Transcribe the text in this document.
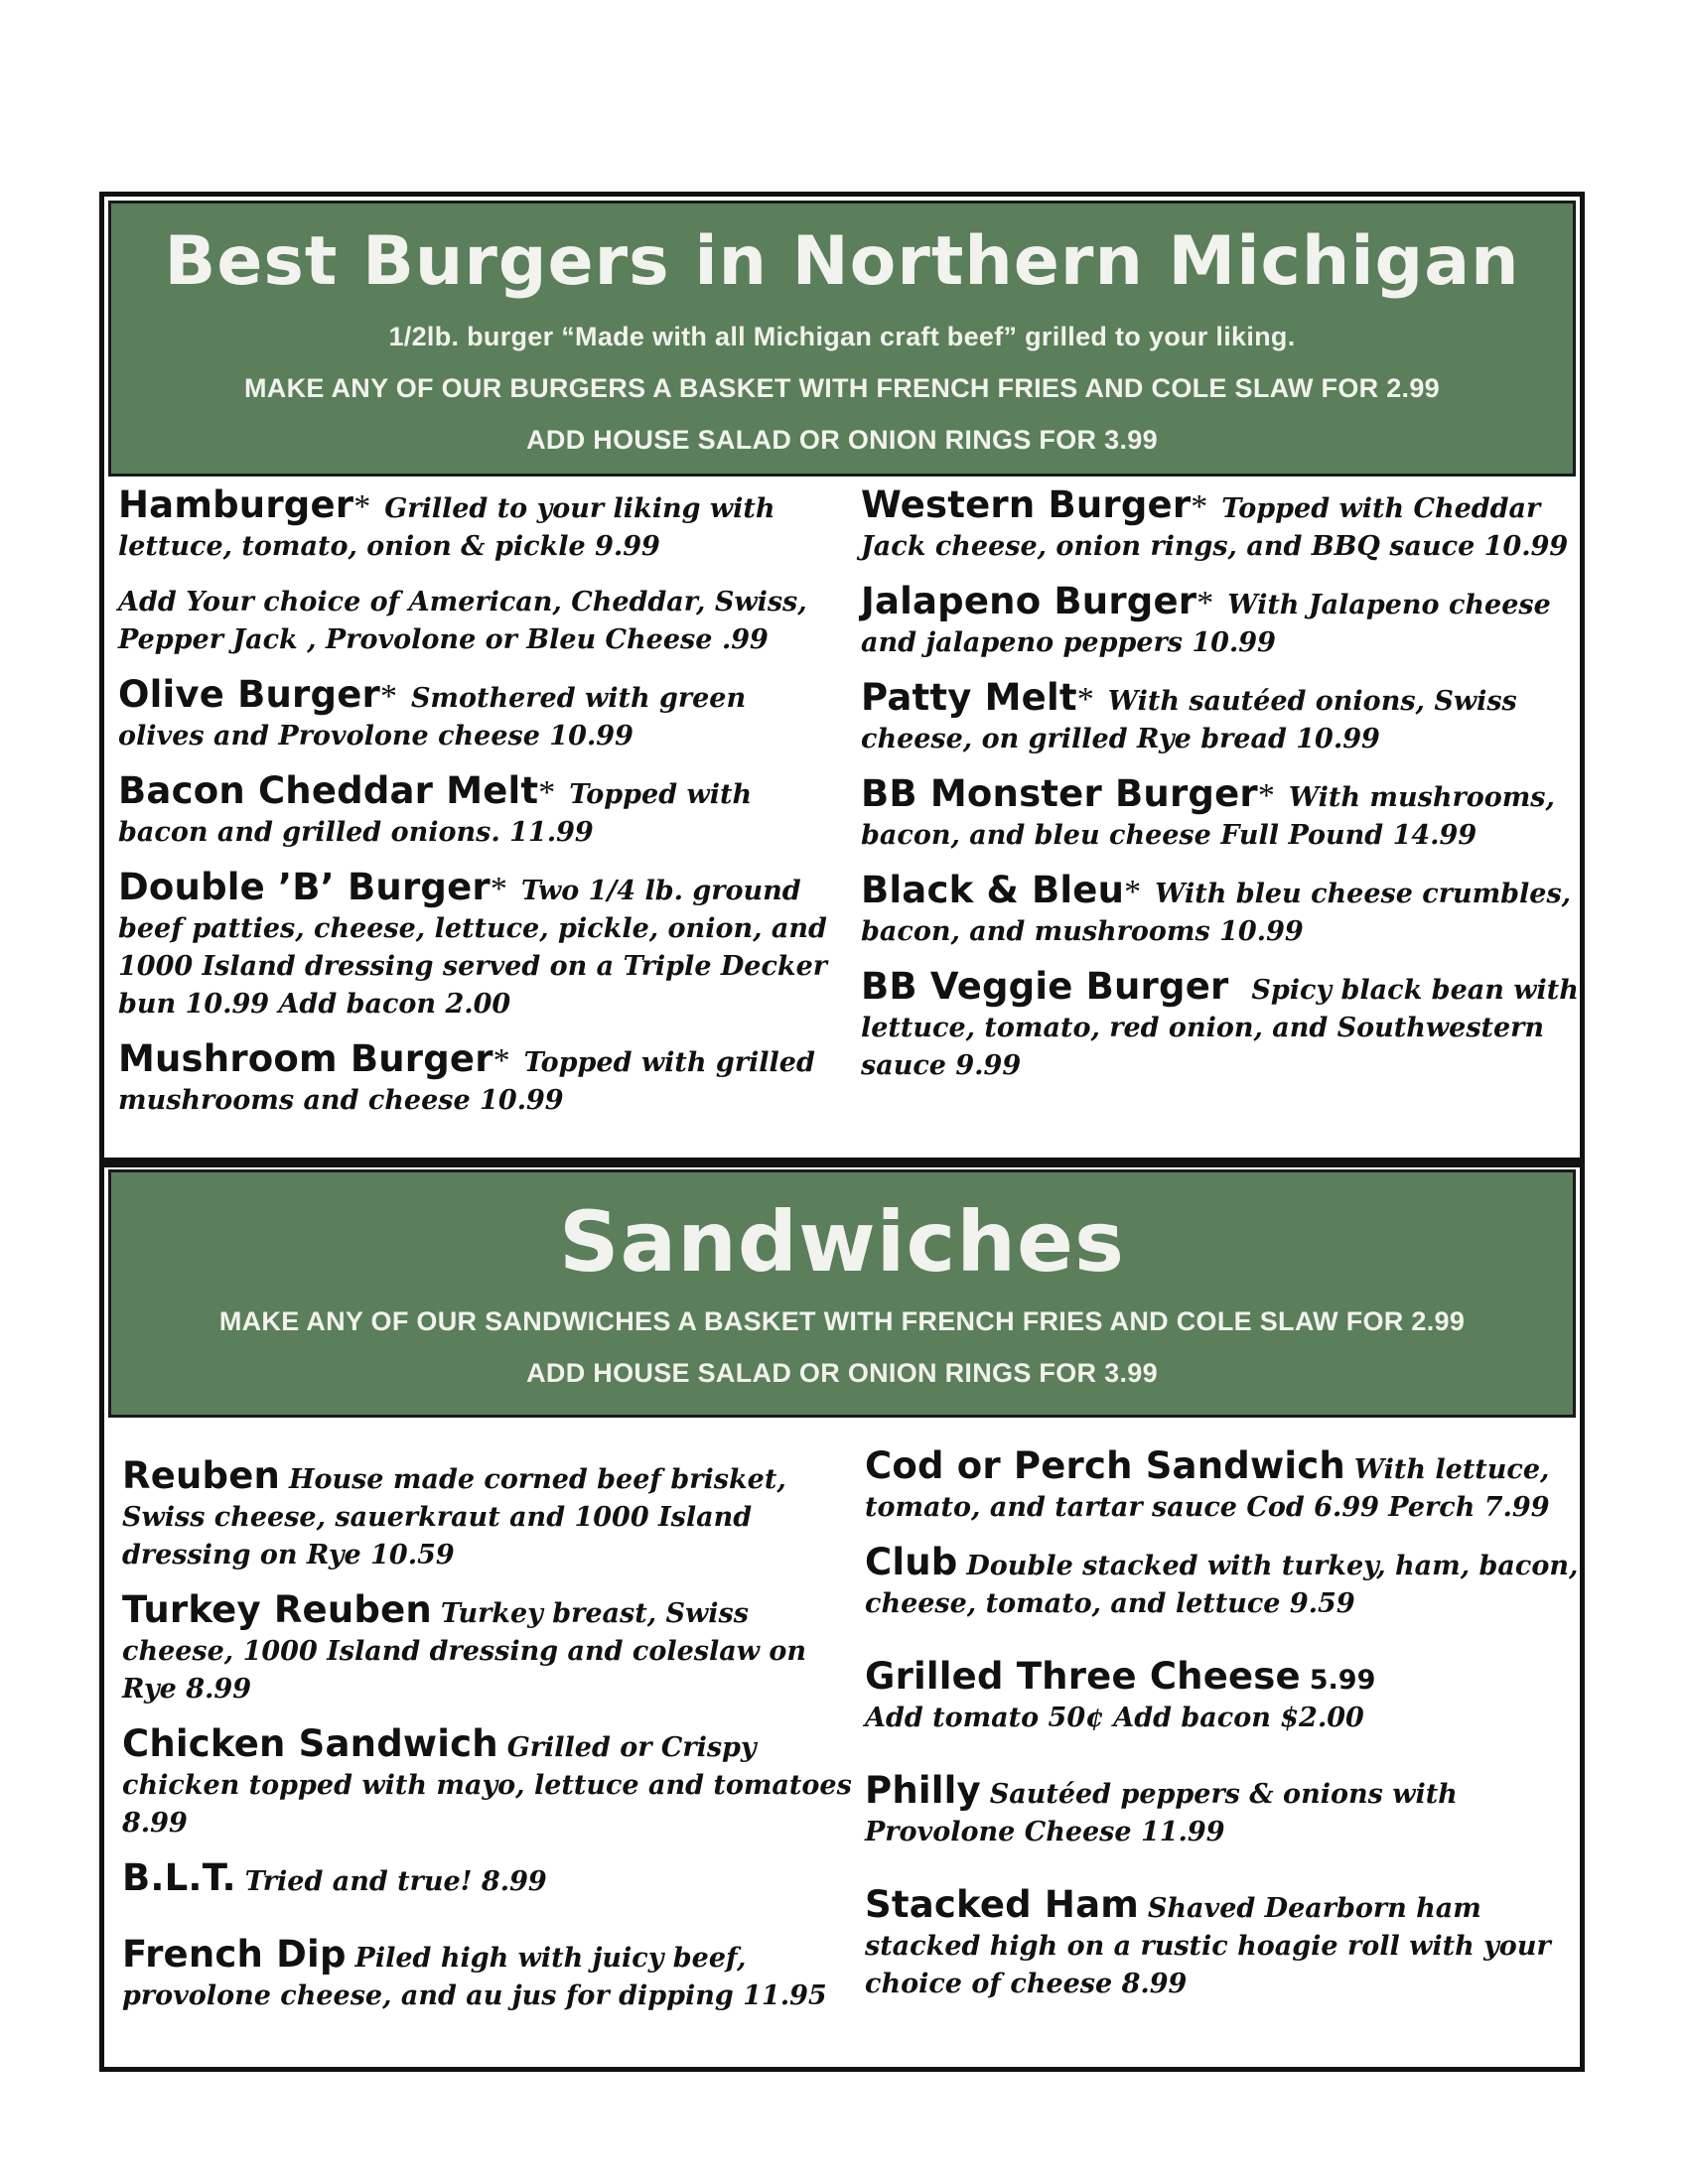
Best Burgers in Northern Michigan
1/2lb. burger “Made with all Michigan craft beef” grilled to your liking.
MAKE ANY OF OUR BURGERS A BASKET WITH FRENCH FRIES AND COLE SLAW FOR 2.99
ADD HOUSE SALAD OR ONION RINGS FOR 3.99
Hamburger* Grilled to your liking with lettuce, tomato, onion & pickle 9.99
Add Your choice of American, Cheddar, Swiss, Pepper Jack , Provolone or Bleu Cheese .99
Olive Burger* Smothered with green olives and Provolone cheese 10.99
Bacon Cheddar Melt* Topped with bacon and grilled onions. 11.99
Double ’B’ Burger* Two 1/4 lb. ground beef patties, cheese, lettuce, pickle, onion, and 1000 Island dressing served on a Triple Decker bun 10.99 Add bacon 2.00
Mushroom Burger* Topped with grilled mushrooms and cheese 10.99
Western Burger* Topped with Cheddar Jack cheese, onion rings, and BBQ sauce 10.99
Jalapeno Burger* With Jalapeno cheese and jalapeno peppers 10.99
Patty Melt* With sautéed onions, Swiss cheese, on grilled Rye bread 10.99
BB Monster Burger* With mushrooms, bacon, and bleu cheese Full Pound 14.99
Black & Bleu* With bleu cheese crumbles, bacon, and mushrooms 10.99
BB Veggie Burger Spicy black bean with lettuce, tomato, red onion, and Southwestern sauce 9.99
Sandwiches
MAKE ANY OF OUR SANDWICHES A BASKET WITH FRENCH FRIES AND COLE SLAW FOR 2.99
ADD HOUSE SALAD OR ONION RINGS FOR 3.99
Reuben House made corned beef brisket, Swiss cheese, sauerkraut and 1000 Island dressing on Rye 10.59
Turkey Reuben Turkey breast, Swiss cheese, 1000 Island dressing and coleslaw on Rye 8.99
Chicken Sandwich Grilled or Crispy chicken topped with mayo, lettuce and tomatoes 8.99
B.L.T. Tried and true! 8.99
French Dip Piled high with juicy beef, provolone cheese, and au jus for dipping 11.95
Cod or Perch Sandwich With lettuce, tomato, and tartar sauce Cod 6.99 Perch 7.99
Club Double stacked with turkey, ham, bacon, cheese, tomato, and lettuce 9.59
Grilled Three Cheese 5.99
Add tomato 50¢ Add bacon $2.00
Philly Sautéed peppers & onions with Provolone Cheese 11.99
Stacked Ham Shaved Dearborn ham stacked high on a rustic hoagie roll with your choice of cheese 8.99
